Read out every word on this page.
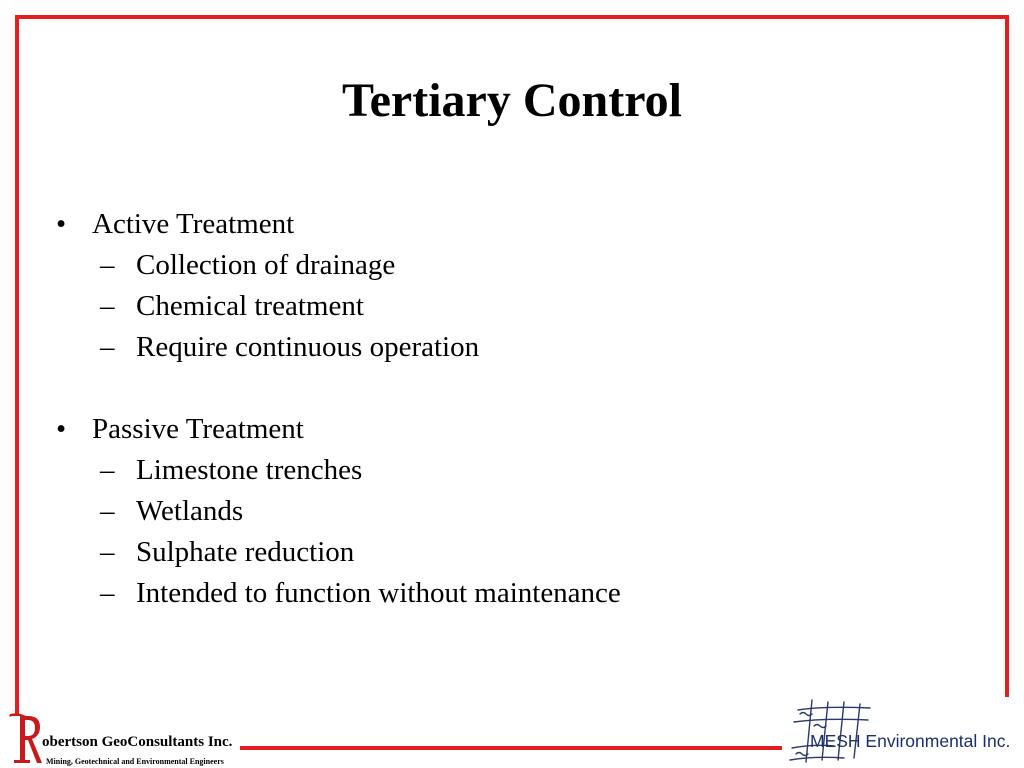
Tertiary Control
• Active Treatment
– Collection of drainage
– Chemical treatment
– Require continuous operation
• Passive Treatment
– Limestone trenches
– Wetlands
– Sulphate reduction
– Intended to function without maintenance
obertson GeoConsultants Inc.
Mining, Geotechnical and Environmental Engineers
MESH Environmental Inc.
